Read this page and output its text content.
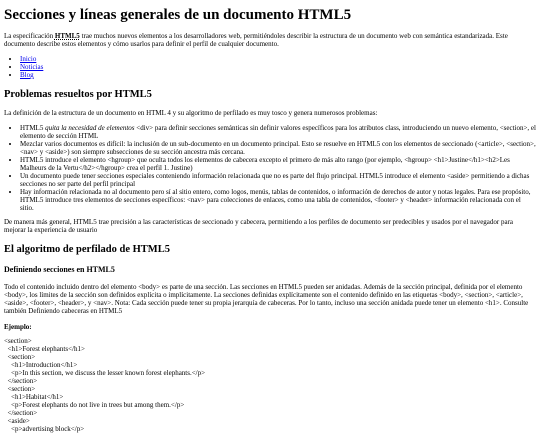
Secciones y líneas generales de un documento HTML5

La especificación HTML5 trae muchos nuevos elementos a los desarrolladores web, permitiéndoles describir la estructura de un documento web con semántica estandarizada. Este documento describe estos elementos y cómo usarlos para definir el perfil de cualquier documento.

• Inicio
• Noticias
• Blog
Problemas resueltos por HTML5

La definición de la estructura de un documento en HTML 4 y su algoritmo de perfilado es muy tosco y genera numerosos problemas:

• HTML5 quita la necesidad de elementos <div> para definir secciones semánticas sin definir valores específicos para los atributos class, introduciendo un nuevo elemento, <section>, el elemento de sección HTML
• Mezclar varios documentos es difícil: la inclusión de un sub-documento en un documento principal. Esto se resuelve en HTML5 con los elementos de seccionado (<article>, <section>, <nav> y <aside>) son siempre subsecciones de su sección ancestra más cercana.
• HTML5 introduce el elemento <hgroup> que oculta todos los elementos de cabecera excepto el primero de más alto rango (por ejemplo, <hgroup> <h1>Justine</h1><h2>Les Malheurs de la Vertu</h2></hgroup> crea el perfil 1. Justine)
• Un documento puede tener secciones especiales conteniendo información relacionada que no es parte del flujo principal. HTML5 introduce el elemento <aside> permitiendo a dichas secciones no ser parte del perfil principal
• Hay información relacionada no al documento pero sí al sitio entero, como logos, menús, tablas de contenidos, o información de derechos de autor y notas legales. Para ese propósito, HTML5 introduce tres elementos de secciones específicos: <nav> para colecciones de enlaces, como una tabla de contenidos, <footer> y <header> información relacionada con el sitio.

De manera más general, HTML5 trae precisión a las características de seccionado y cabecera, permitiendo a los perfiles de documento ser predecibles y usados por el navegador para mejorar la experiencia de usuario

El algoritmo de perfilado de HTML5
Definiendo secciones en HTML5

Todo el contenido incluido dentro del elemento <body> es parte de una sección. Las secciones en HTML5 pueden ser anidadas. Además de la sección principal, definida por el elemento <body>, los límites de la sección son definidos explícita o implícitamente. La secciones definidas explícitamente son el contenido definido en las etiquetas <body>, <section>, <article>, <aside>, <footer>, <header>, y <nav>. Nota: Cada sección puede tener su propia jerarquía de cabeceras. Por lo tanto, incluso una sección anidada puede tener un elemento <h1>. Consulte también Definiendo cabeceras en HTML5

Ejemplo:
<section>
<h1>Forest elephants</h1>
<section>
<h1>Introduction</h1>
<p>In this section, we discuss the lesser known forest elephants.</p>
</section>
<section>
<h1>Habitat</h1>
<p>Forest elephants do not live in trees but among them.</p>
</section>
<aside>
<p>advertising block</p>
